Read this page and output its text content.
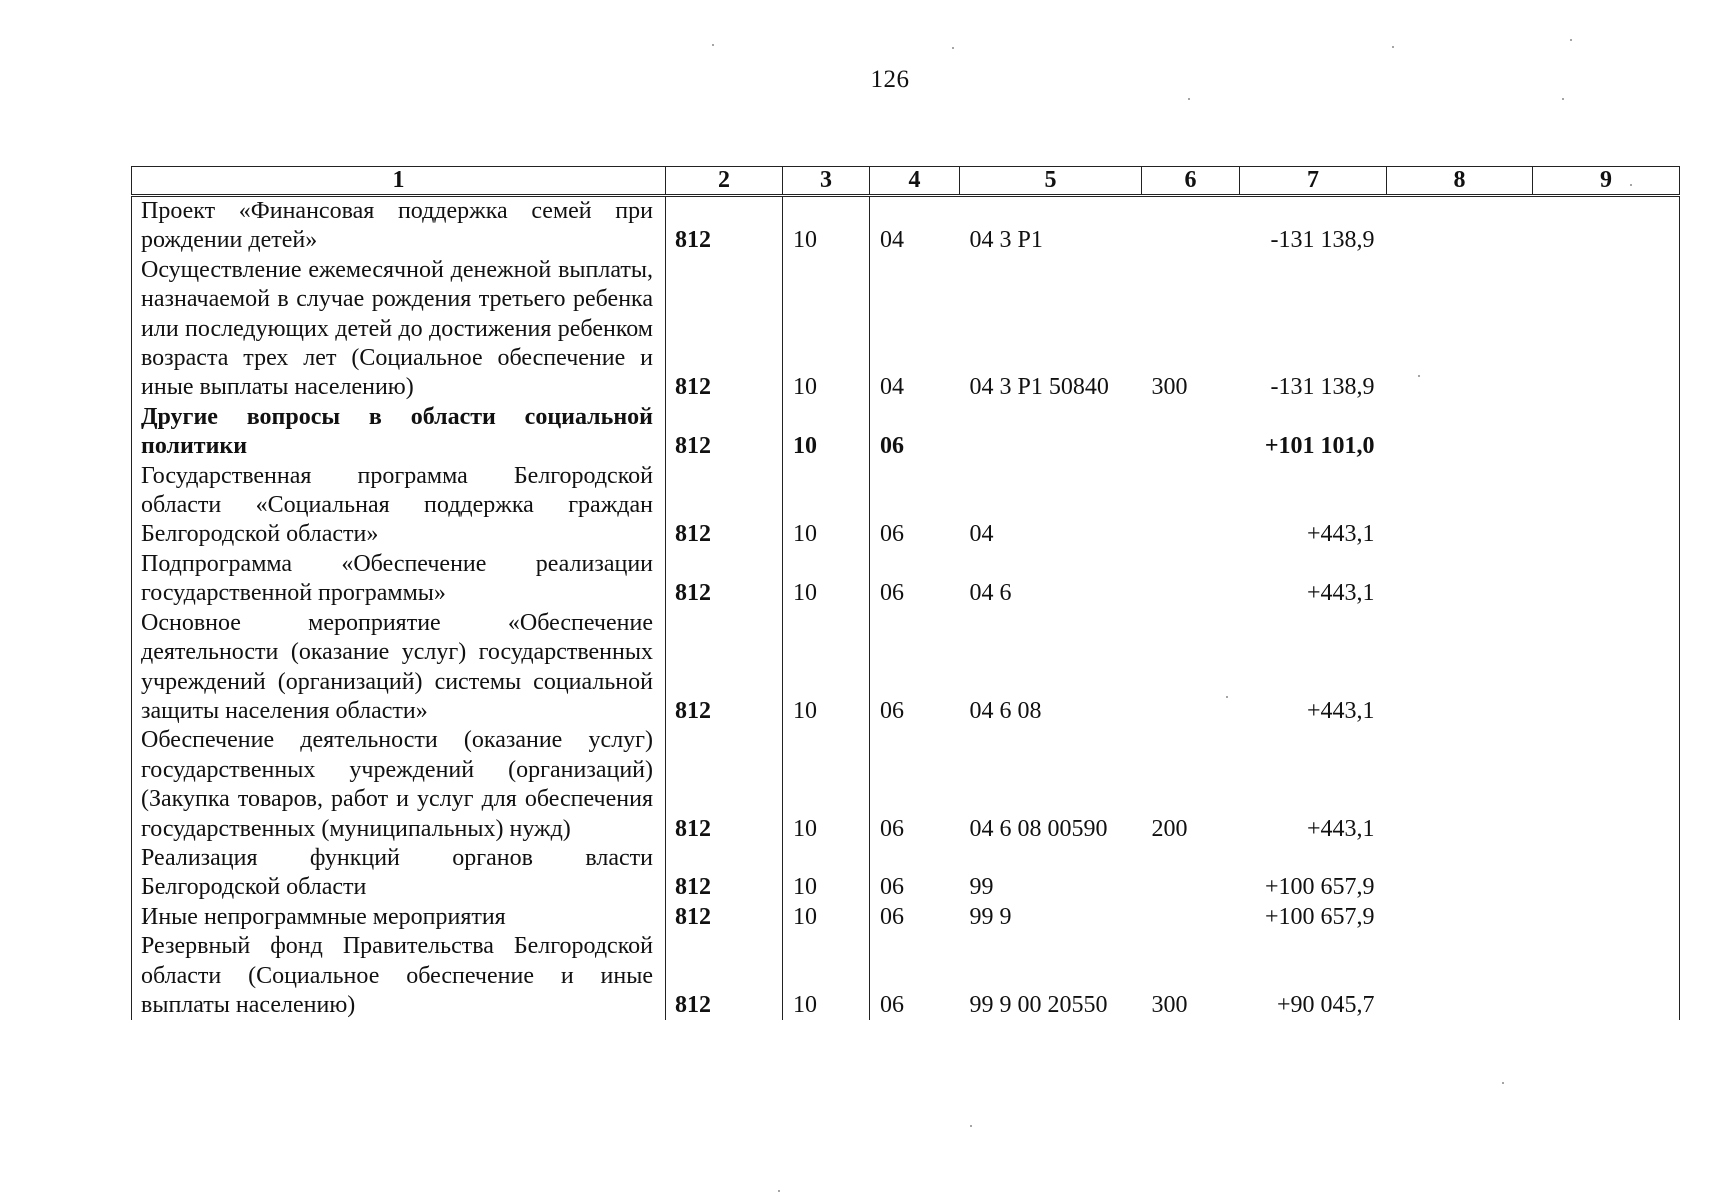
126
1	2	3	4	5	6	7	8	9
Проект «Финансовая поддержка семей при рождении детей»	812	10	04	04 3 P1		-131 138,9		
Осуществление ежемесячной денежной выплаты, назначаемой в случае рождения третьего ребенка или последующих детей до достижения ребенком возраста трех лет (Социальное обеспечение и иные выплаты населению)	812	10	04	04 3 P1 50840	300	-131 138,9		
Другие вопросы в области социальной политики	812	10	06			+101 101,0		
Государственная программа Белгородской области «Социальная поддержка граждан Белгородской области»	812	10	06	04		+443,1		
Подпрограмма «Обеспечение реализации государственной программы»	812	10	06	04 6		+443,1		
Основное мероприятие «Обеспечение деятельности (оказание услуг) государственных учреждений (организаций) системы социальной защиты населения области»	812	10	06	04 6 08		+443,1		
Обеспечение деятельности (оказание услуг) государственных учреждений (организаций) (Закупка товаров, работ и услуг для обеспечения государственных (муниципальных) нужд)	812	10	06	04 6 08 00590	200	+443,1		
Реализация функций органов власти Белгородской области	812	10	06	99		+100 657,9		
Иные непрограммные мероприятия	812	10	06	99 9		+100 657,9		
Резервный фонд Правительства Белгородской области (Социальное обеспечение и иные выплаты населению)	812	10	06	99 9 00 20550	300	+90 045,7		
